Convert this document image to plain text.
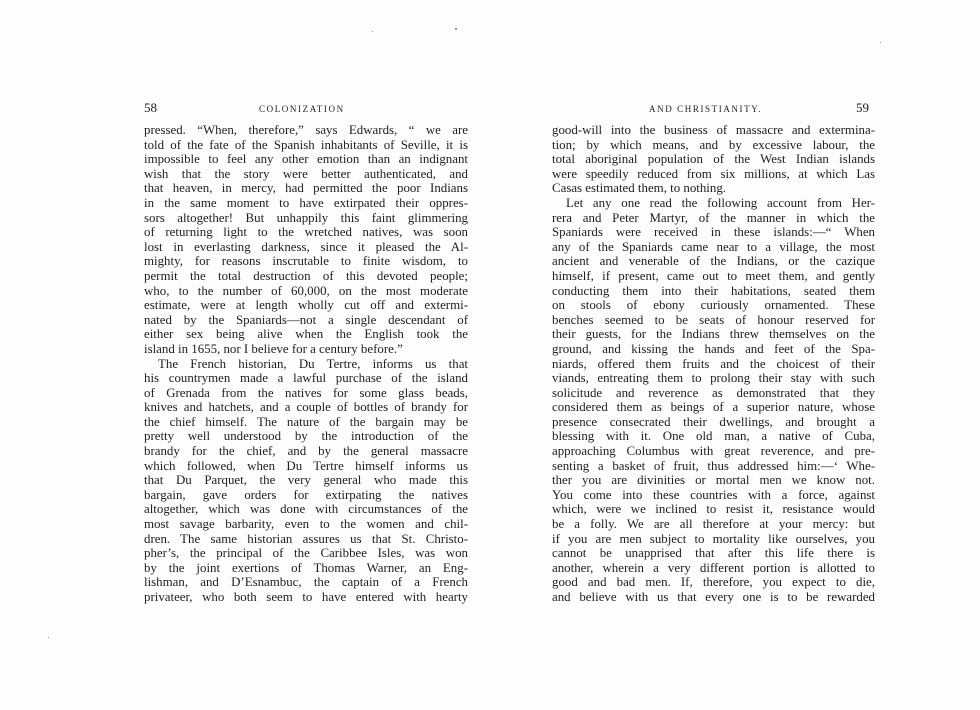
58	COLONIZATION
pressed. “When, therefore,” says Edwards, “ we are
told of the fate of the Spanish inhabitants of Seville, it is
impossible to feel any other emotion than an indignant
wish that the story were better authenticated, and
that heaven, in mercy, had permitted the poor Indians
in the same moment to have extirpated their oppres-
sors altogether! But unhappily this faint glimmering
of returning light to the wretched natives, was soon
lost in everlasting darkness, since it pleased the Al-
mighty, for reasons inscrutable to finite wisdom, to
permit the total destruction of this devoted people;
who, to the number of 60,000, on the most moderate
estimate, were at length wholly cut off and extermi-
nated by the Spaniards—not a single descendant of
either sex being alive when the English took the
island in 1655, nor I believe for a century before.”
The French historian, Du Tertre, informs us that
his countrymen made a lawful purchase of the island
of Grenada from the natives for some glass beads,
knives and hatchets, and a couple of bottles of brandy for
the chief himself. The nature of the bargain may be
pretty well understood by the introduction of the
brandy for the chief, and by the general massacre
which followed, when Du Tertre himself informs us
that Du Parquet, the very general who made this
bargain, gave orders for extirpating the natives
altogether, which was done with circumstances of the
most savage barbarity, even to the women and chil-
dren. The same historian assures us that St. Christo-
pher’s, the principal of the Caribbee Isles, was won
by the joint exertions of Thomas Warner, an Eng-
lishman, and D’Esnambuc, the captain of a French
privateer, who both seem to have entered with hearty
AND CHRISTIANITY.	59
good-will into the business of massacre and extermina-
tion; by which means, and by excessive labour, the
total aboriginal population of the West Indian islands
were speedily reduced from six millions, at which Las
Casas estimated them, to nothing.
Let any one read the following account from Her-
rera and Peter Martyr, of the manner in which the
Spaniards were received in these islands:—“ When
any of the Spaniards came near to a village, the most
ancient and venerable of the Indians, or the cazique
himself, if present, came out to meet them, and gently
conducting them into their habitations, seated them
on stools of ebony curiously ornamented. These
benches seemed to be seats of honour reserved for
their guests, for the Indians threw themselves on the
ground, and kissing the hands and feet of the Spa-
niards, offered them fruits and the choicest of their
viands, entreating them to prolong their stay with such
solicitude and reverence as demonstrated that they
considered them as beings of a superior nature, whose
presence consecrated their dwellings, and brought a
blessing with it. One old man, a native of Cuba,
approaching Columbus with great reverence, and pre-
senting a basket of fruit, thus addressed him:—‘ Whe-
ther you are divinities or mortal men we know not.
You come into these countries with a force, against
which, were we inclined to resist it, resistance would
be a folly. We are all therefore at your mercy: but
if you are men subject to mortality like ourselves, you
cannot be unapprised that after this life there is
another, wherein a very different portion is allotted to
good and bad men. If, therefore, you expect to die,
and believe with us that every one is to be rewarded
